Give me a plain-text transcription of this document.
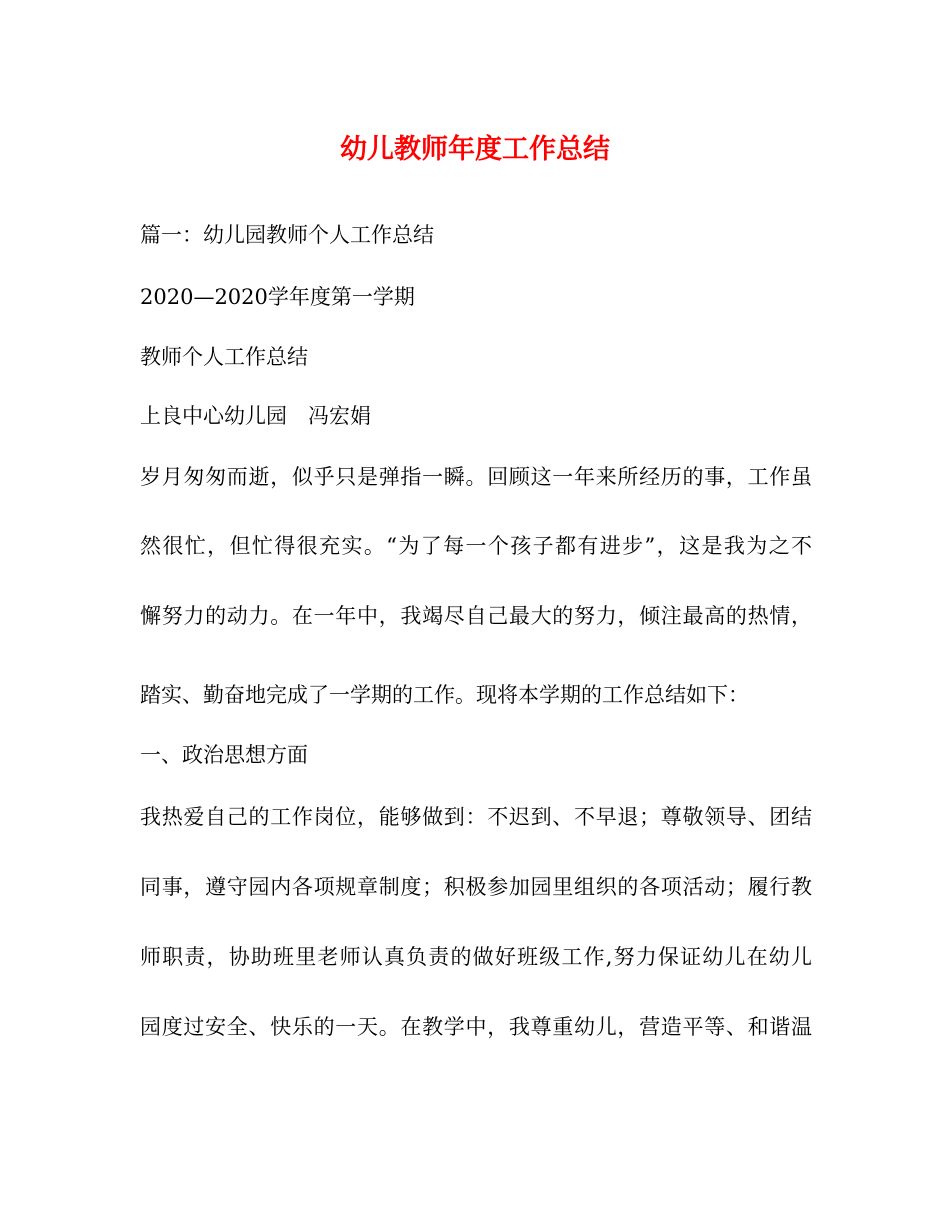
幼儿教师年度工作总结
篇一：幼儿园教师个人工作总结
2020—2020学年度第一学期
教师个人工作总结
上良中心幼儿园　冯宏娟
岁月匆匆而逝，似乎只是弹指一瞬。回顾这一年来所经历的事，工作虽
然很忙，但忙得很充实。“为了每一个孩子都有进步”，这是我为之不
懈努力的动力。在一年中，我竭尽自己最大的努力，倾注最高的热情，
踏实、勤奋地完成了一学期的工作。现将本学期的工作总结如下：
一、政治思想方面
我热爱自己的工作岗位，能够做到：不迟到、不早退；尊敬领导、团结
同事，遵守园内各项规章制度；积极参加园里组织的各项活动；履行教
师职责，协助班里老师认真负责的做好班级工作,努力保证幼儿在幼儿
园度过安全、快乐的一天。在教学中，我尊重幼儿，营造平等、和谐温
